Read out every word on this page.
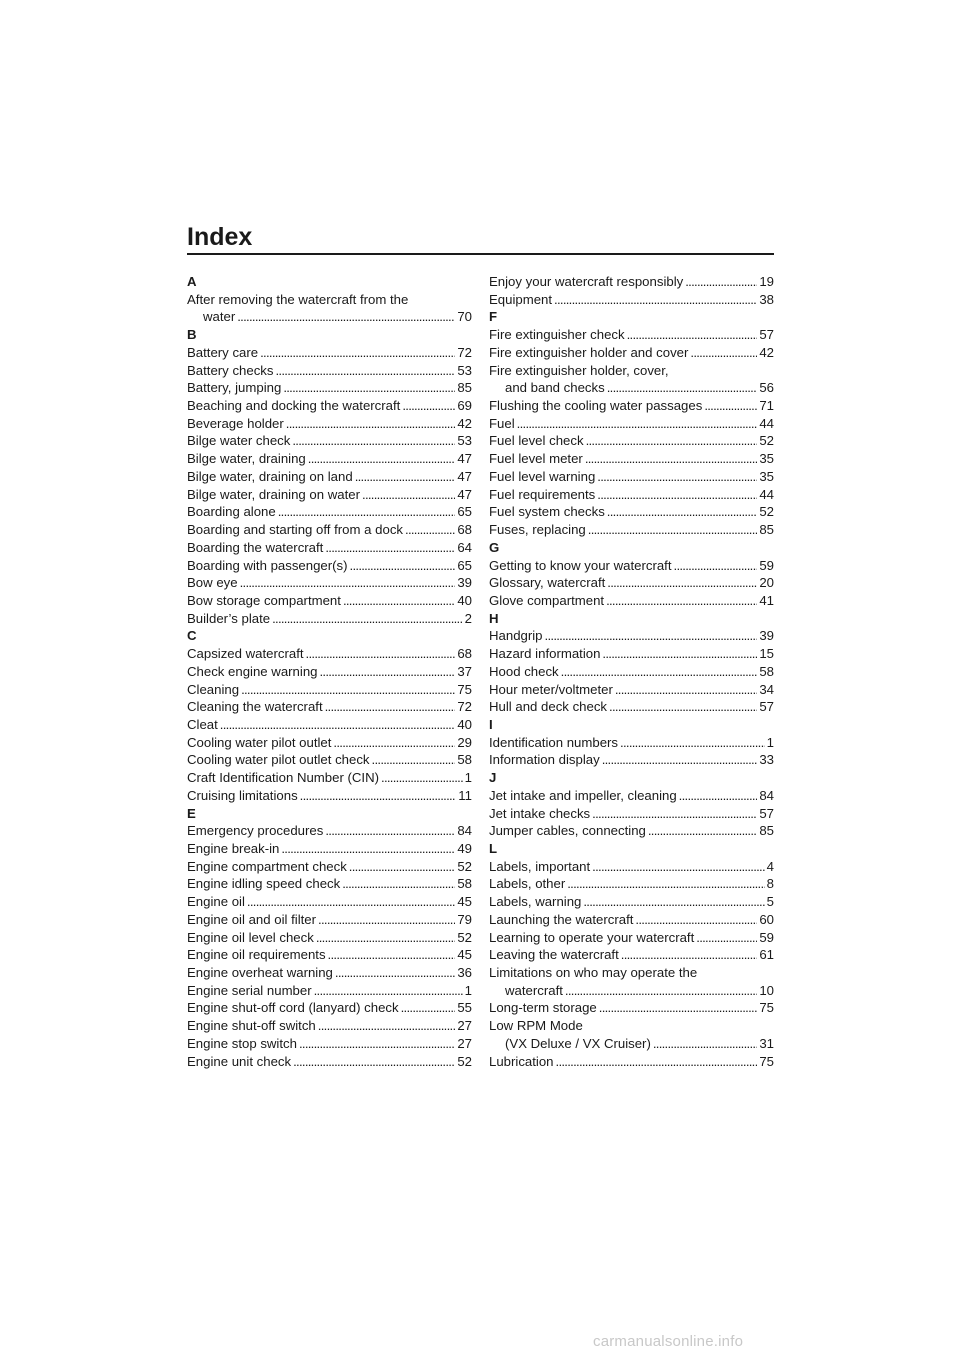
Index
A
After removing the watercraft from the
water . . .	70
B
Battery care . . .	72
Battery checks . . .	53
Battery, jumping . . .	85
Beaching and docking the watercraft . . .	69
Beverage holder . . .	42
Bilge water check . . .	53
Bilge water, draining . . .	47
Bilge water, draining on land . . .	47
Bilge water, draining on water . . .	47
Boarding alone . . .	65
Boarding and starting off from a dock . . .	68
Boarding the watercraft . . .	64
Boarding with passenger(s) . . .	65
Bow eye . . .	39
Bow storage compartment . . .	40
Builder’s plate . . .	2
C
Capsized watercraft . . .	68
Check engine warning . . .	37
Cleaning . . .	75
Cleaning the watercraft . . .	72
Cleat . . .	40
Cooling water pilot outlet . . .	29
Cooling water pilot outlet check . . .	58
Craft Identification Number (CIN) . . .	1
Cruising limitations . . .	11
E
Emergency procedures . . .	84
Engine break-in . . .	49
Engine compartment check . . .	52
Engine idling speed check . . .	58
Engine oil . . .	45
Engine oil and oil filter . . .	79
Engine oil level check . . .	52
Engine oil requirements . . .	45
Engine overheat warning . . .	36
Engine serial number . . .	1
Engine shut-off cord (lanyard) check . . .	55
Engine shut-off switch . . .	27
Engine stop switch . . .	27
Engine unit check . . .	52
Enjoy your watercraft responsibly . . .	19
Equipment . . .	38
F
Fire extinguisher check . . .	57
Fire extinguisher holder and cover . . .	42
Fire extinguisher holder, cover,
and band checks . . .	56
Flushing the cooling water passages . . .	71
Fuel . . .	44
Fuel level check . . .	52
Fuel level meter . . .	35
Fuel level warning . . .	35
Fuel requirements . . .	44
Fuel system checks . . .	52
Fuses, replacing . . .	85
G
Getting to know your watercraft . . .	59
Glossary, watercraft . . .	20
Glove compartment . . .	41
H
Handgrip . . .	39
Hazard information . . .	15
Hood check . . .	58
Hour meter/voltmeter . . .	34
Hull and deck check . . .	57
I
Identification numbers . . .	1
Information display . . .	33
J
Jet intake and impeller, cleaning . . .	84
Jet intake checks . . .	57
Jumper cables, connecting . . .	85
L
Labels, important . . .	4
Labels, other . . .	8
Labels, warning . . .	5
Launching the watercraft . . .	60
Learning to operate your watercraft . . .	59
Leaving the watercraft . . .	61
Limitations on who may operate the
watercraft . . .	10
Long-term storage . . .	75
Low RPM Mode
(VX Deluxe / VX Cruiser) . . .	31
Lubrication . . .	75
carmanualsonline.info
